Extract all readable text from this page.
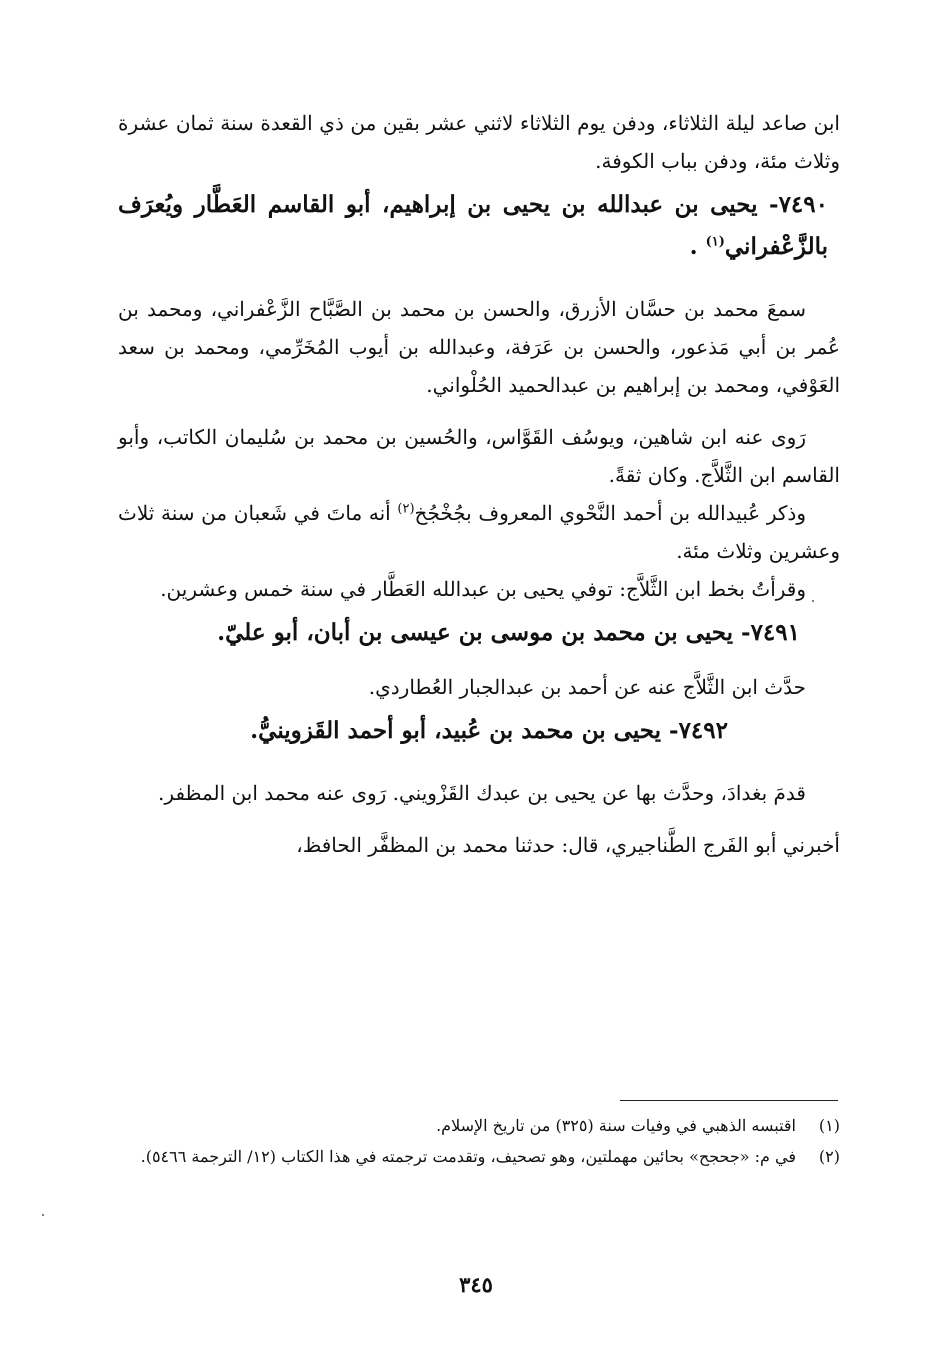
ابن صاعد ليلة الثلاثاء، ودفن يوم الثلاثاء لاثني عشر بقين من ذي القعدة سنة ثمان عشرة وثلاث مئة، ودفن بباب الكوفة.

٧٤٩٠- يحيى بن عبدالله بن يحيى بن إبراهيم، أبو القاسم العَطَّار ويُعرَف بالزَّعْفراني$^{(١)}$ .

سمعَ محمد بن حسَّان الأزرق، والحسن بن محمد بن الصَّبَّاح الزَّعْفراني، ومحمد بن عُمر بن أبي مَذعور، والحسن بن عَرَفة، وعبدالله بن أيوب المُخَرِّمي، ومحمد بن سعد العَوْفي، ومحمد بن إبراهيم بن عبدالحميد الحُلْواني.

رَوى عنه ابن شاهين، ويوسُف القَوَّاس، والحُسين بن محمد بن سُليمان الكاتب، وأبو القاسم ابن الثَّلاَّج. وكان ثقةً.

وذكر عُبيدالله بن أحمد النَّحْوي المعروف بجُخْجُخ$^{(٢)}$ أنه ماتَ في شَعبان من سنة ثلاث وعشرين وثلاث مئة.

وقرأتُ بخط ابن الثَّلاَّج: توفي يحيى بن عبدالله العَطَّار في سنة خمس وعشرين.

٧٤٩١- يحيى بن محمد بن موسى بن عيسى بن أبان، أبو عليّ.

حدَّث ابن الثَّلاَّج عنه عن أحمد بن عبدالجبار العُطاردي.

٧٤٩٢- يحيى بن محمد بن عُبيد، أبو أحمد القَزوينيُّ.

قدمَ بغدادَ، وحدَّث بها عن يحيى بن عبدك القَزْويني. رَوى عنه محمد ابن المظفر.

أخبرني أبو الفَرج الطَّناجيري، قال: حدثنا محمد بن المظفَّر الحافظ،

(١)
اقتبسه الذهبي في وفيات سنة (٣٢٥) من تاريخ الإسلام.
(٢)
في م: «جحجح» بحائين مهملتين، وهو تصحيف، وتقدمت ترجمته في هذا الكتاب (١٢/ الترجمة ٥٤٦٦).
٣٤٥
